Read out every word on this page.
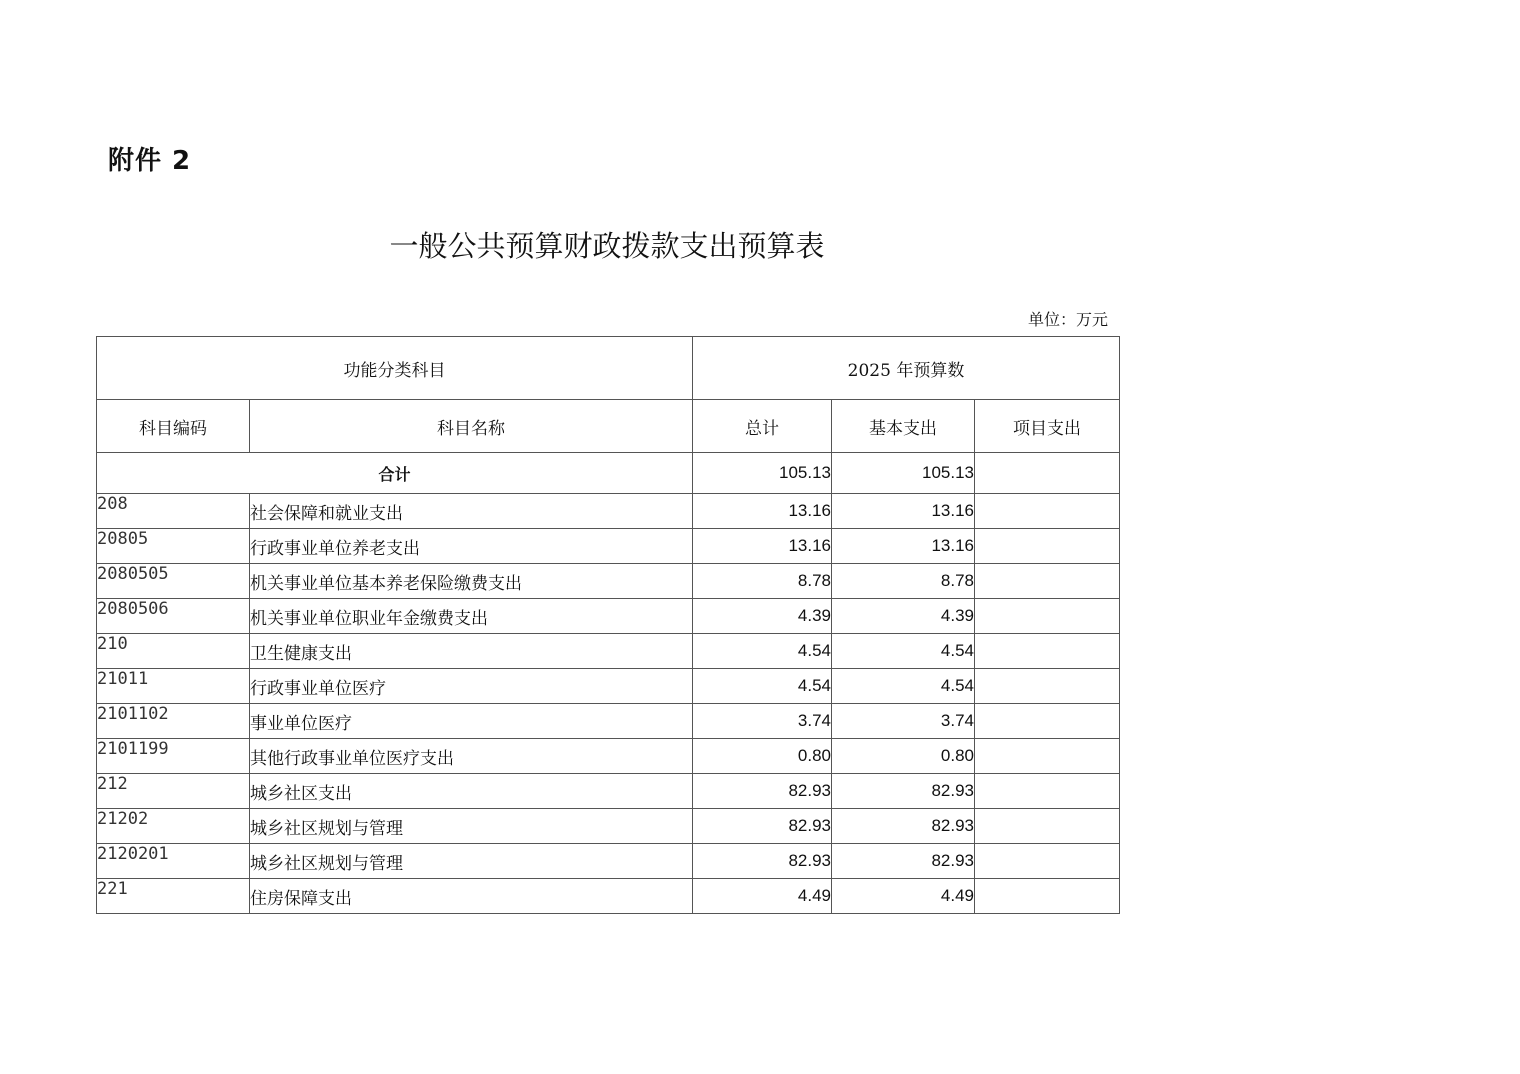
附件 2
一般公共预算财政拨款支出预算表
单位：万元
功能分类科目		2025 年预算数		
科目编码	科目名称	总计	基本支出	项目支出
合计		105.13	105.13	
208	社会保障和就业支出	13.16	13.16	
20805	行政事业单位养老支出	13.16	13.16	
2080505	机关事业单位基本养老保险缴费支出	8.78	8.78	
2080506	机关事业单位职业年金缴费支出	4.39	4.39	
210	卫生健康支出	4.54	4.54	
21011	行政事业单位医疗	4.54	4.54	
2101102	事业单位医疗	3.74	3.74	
2101199	其他行政事业单位医疗支出	0.80	0.80	
212	城乡社区支出	82.93	82.93	
21202	城乡社区规划与管理	82.93	82.93	
2120201	城乡社区规划与管理	82.93	82.93	
221	住房保障支出	4.49	4.49	
